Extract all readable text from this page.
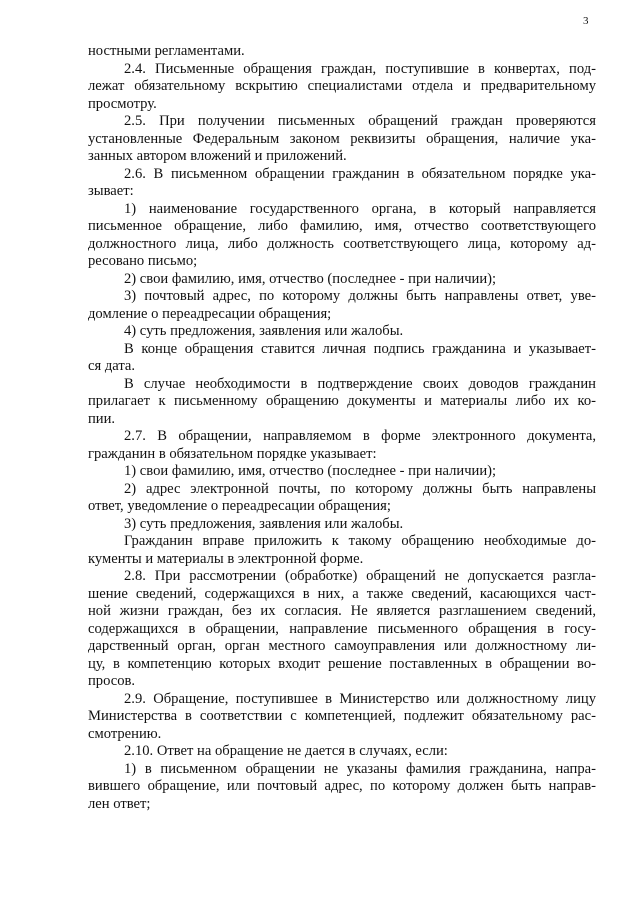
3
ностными регламентами.
2.4. Письменные обращения граждан, поступившие в конвертах, под-
лежат обязательному вскрытию специалистами отдела и предварительному
просмотру.
2.5. При получении письменных обращений граждан проверяются
установленные Федеральным законом реквизиты обращения, наличие ука-
занных автором вложений и приложений.
2.6. В письменном обращении гражданин в обязательном порядке ука-
зывает:
1) наименование государственного органа, в который направляется
письменное обращение, либо фамилию, имя, отчество соответствующего
должностного лица, либо должность соответствующего лица, которому ад-
ресовано письмо;
2) свои фамилию, имя, отчество (последнее - при наличии);
3) почтовый адрес, по которому должны быть направлены ответ, уве-
домление о переадресации обращения;
4) суть предложения, заявления или жалобы.
В конце обращения ставится личная подпись гражданина и указывает-
ся дата.
В случае необходимости в подтверждение своих доводов гражданин
прилагает к письменному обращению документы и материалы либо их ко-
пии.
2.7. В обращении, направляемом в форме электронного документа,
гражданин в обязательном порядке указывает:
1) свои фамилию, имя, отчество (последнее - при наличии);
2) адрес электронной почты, по которому должны быть направлены
ответ, уведомление о переадресации обращения;
3) суть предложения, заявления или жалобы.
Гражданин вправе приложить к такому обращению необходимые до-
кументы и материалы в электронной форме.
2.8. При рассмотрении (обработке) обращений не допускается разгла-
шение сведений, содержащихся в них, а также сведений, касающихся част-
ной жизни граждан, без их согласия. Не является разглашением сведений,
содержащихся в обращении, направление письменного обращения в госу-
дарственный орган, орган местного самоуправления или должностному ли-
цу, в компетенцию которых входит решение поставленных в обращении во-
просов.
2.9. Обращение, поступившее в Министерство или должностному лицу
Министерства в соответствии с компетенцией, подлежит обязательному рас-
смотрению.
2.10. Ответ на обращение не дается в случаях, если:
1) в письменном обращении не указаны фамилия гражданина, напра-
вившего обращение, или почтовый адрес, по которому должен быть направ-
лен ответ;
